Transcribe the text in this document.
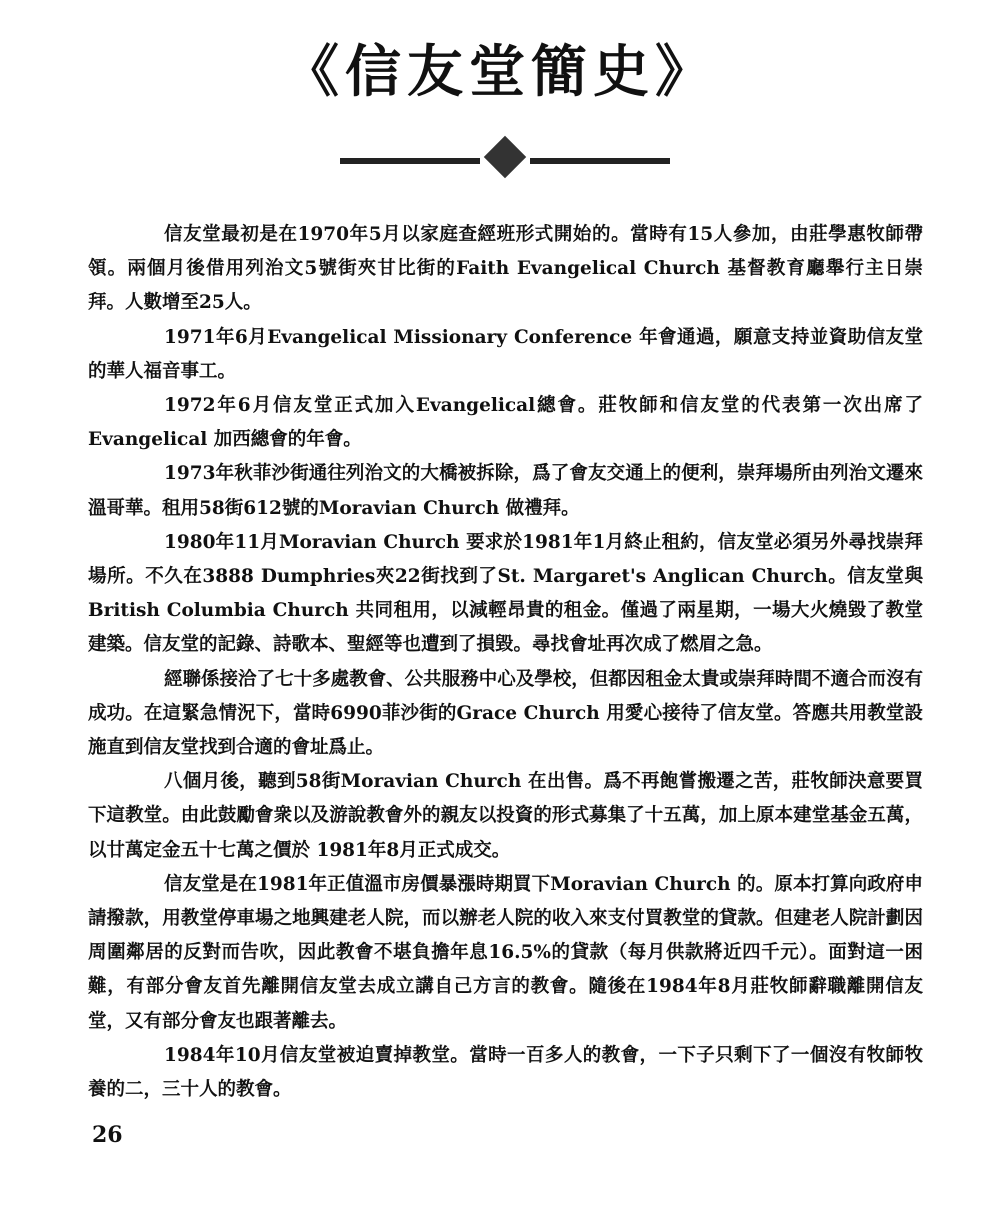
《信友堂簡史》

信友堂最初是在1970年5月以家庭查經班形式開始的。當時有15人參加，由莊學惠牧師帶領。兩個月後借用列治文5號街夾甘比街的Faith Evangelical Church 基督教育廳舉行主日崇拜。人數增至25人。

1971年6月Evangelical Missionary Conference 年會通過，願意支持並資助信友堂的華人福音事工。

1972年6月信友堂正式加入Evangelical總會。莊牧師和信友堂的代表第一次出席了Evangelical 加西總會的年會。

1973年秋菲沙街通往列治文的大橋被拆除，爲了會友交通上的便利，崇拜場所由列治文遷來溫哥華。租用58街612號的Moravian Church 做禮拜。

1980年11月Moravian Church 要求於1981年1月終止租約，信友堂必須另外尋找崇拜場所。不久在3888 Dumphries夾22街找到了St. Margaret's Anglican Church。信友堂與British Columbia Church 共同租用，以減輕昂貴的租金。僅過了兩星期，一場大火燒毀了教堂建築。信友堂的記錄、詩歌本、聖經等也遭到了損毀。尋找會址再次成了燃眉之急。

經聯係接洽了七十多處教會、公共服務中心及學校，但都因租金太貴或崇拜時間不適合而沒有成功。在這緊急情況下，當時6990菲沙街的Grace Church 用愛心接待了信友堂。答應共用教堂設施直到信友堂找到合適的會址爲止。

八個月後，聽到58街Moravian Church 在出售。爲不再飽嘗搬遷之苦，莊牧師決意要買下這教堂。由此鼓勵會衆以及游說教會外的親友以投資的形式募集了十五萬，加上原本建堂基金五萬，以廿萬定金五十七萬之價於 1981年8月正式成交。

信友堂是在1981年正值溫市房價暴漲時期買下Moravian Church 的。原本打算向政府申請撥款，用教堂停車場之地興建老人院，而以辦老人院的收入來支付買教堂的貸款。但建老人院計劃因周圍鄰居的反對而告吹，因此教會不堪負擔年息16.5%的貸款（每月供款將近四千元）。面對這一困難，有部分會友首先離開信友堂去成立講自己方言的教會。隨後在1984年8月莊牧師辭職離開信友堂，又有部分會友也跟著離去。

1984年10月信友堂被迫賣掉教堂。當時一百多人的教會，一下子只剩下了一個沒有牧師牧養的二，三十人的教會。

26
